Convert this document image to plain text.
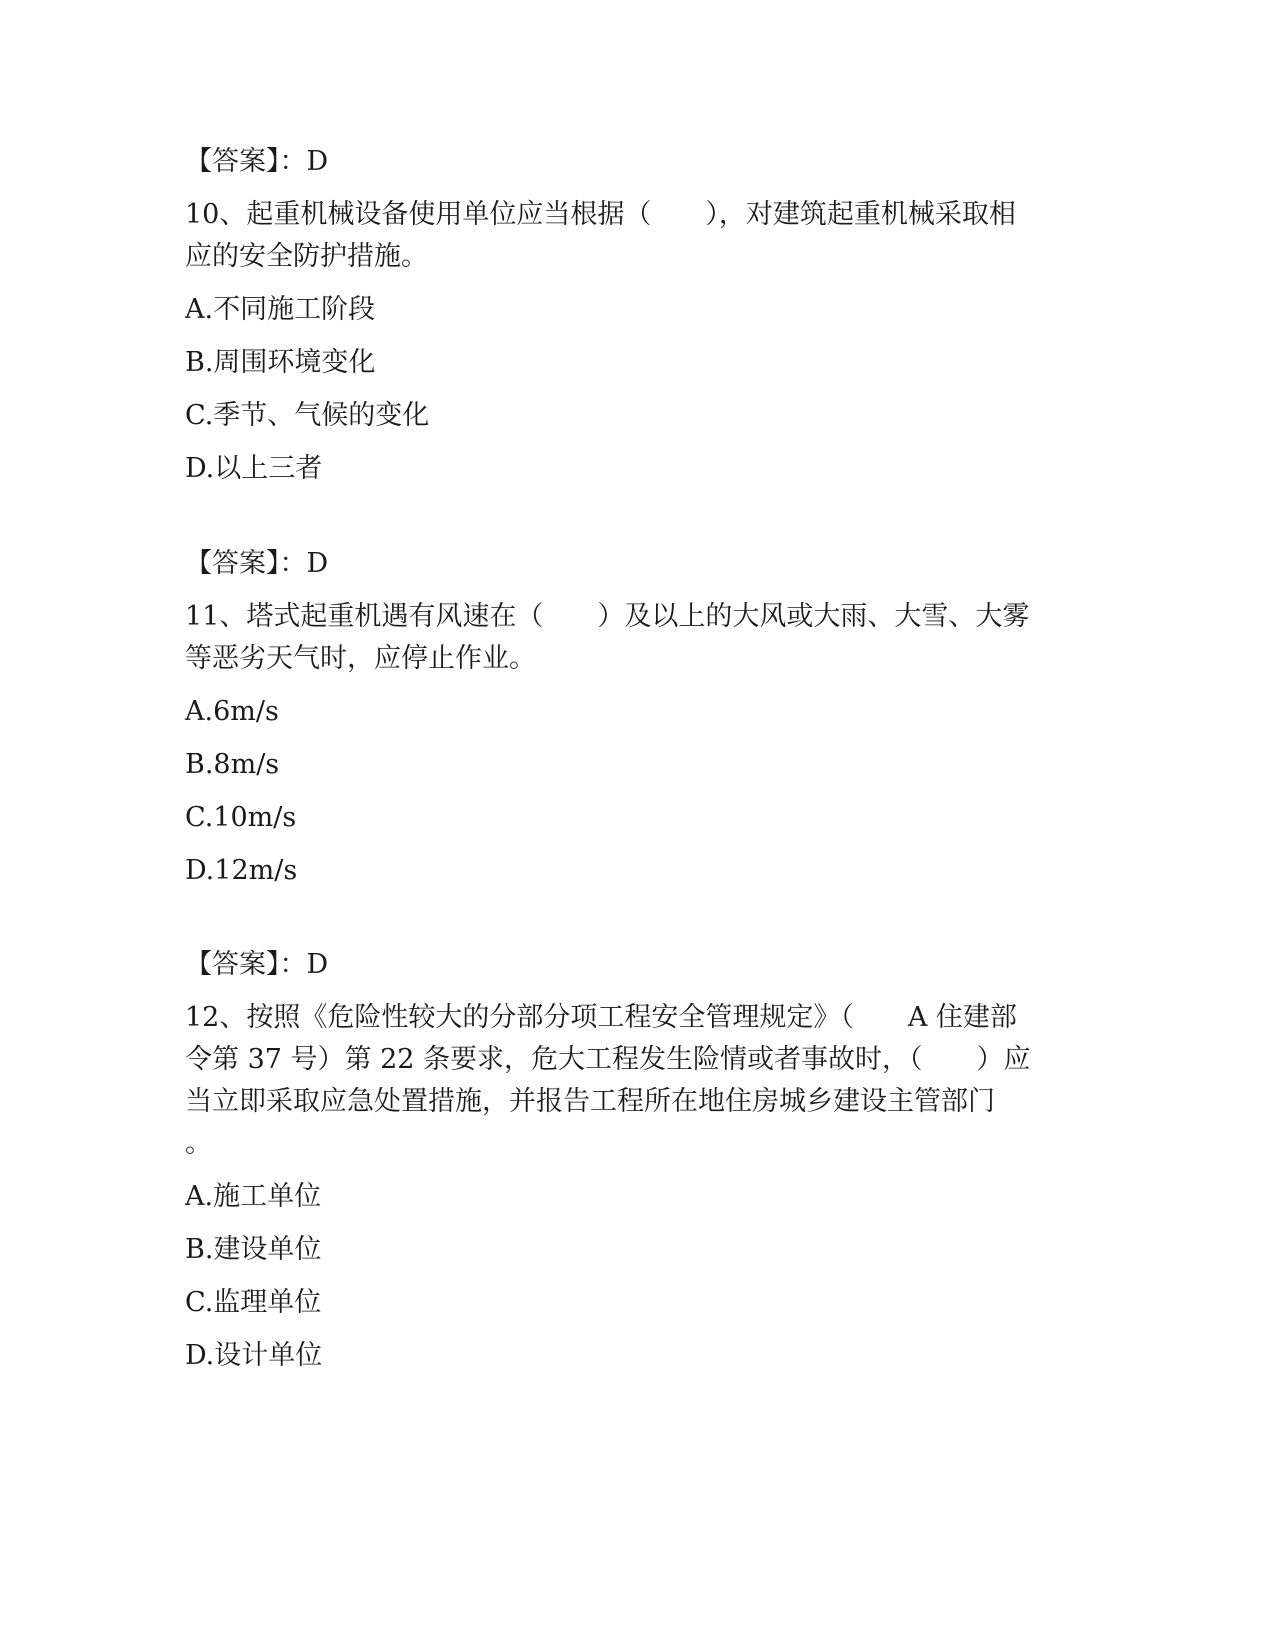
【答案】：D
10、起重机械设备使用单位应当根据（　　），对建筑起重机械采取相
应的安全防护措施。
A.不同施工阶段
B.周围环境变化
C.季节、气候的变化
D.以上三者
【答案】：D
11、塔式起重机遇有风速在（　　）及以上的大风或大雨、大雪、大雾
等恶劣天气时，应停止作业。
A.6m/s
B.8m/s
C.10m/s
D.12m/s
【答案】：D
12、按照《危险性较大的分部分项工程安全管理规定》（　　A 住建部
令第 37 号）第 22 条要求，危大工程发生险情或者事故时，（　　）应
当立即采取应急处置措施，并报告工程所在地住房城乡建设主管部门
。
A.施工单位
B.建设单位
C.监理单位
D.设计单位
